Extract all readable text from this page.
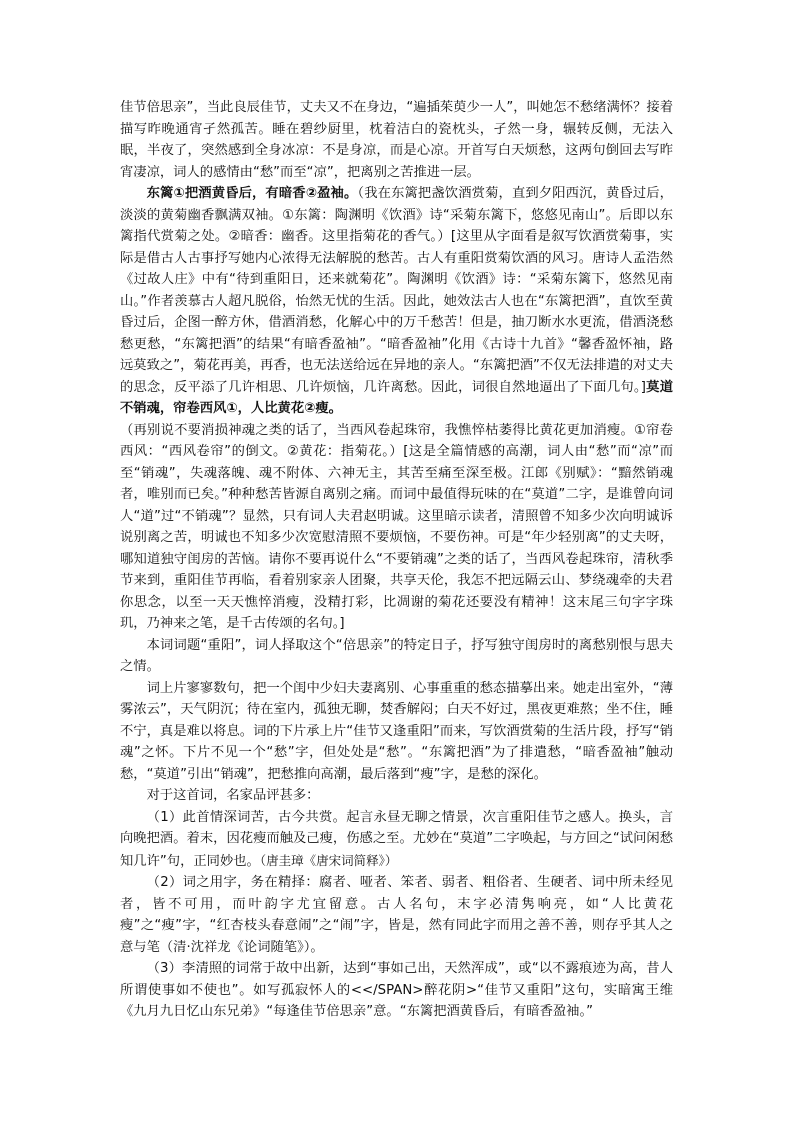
佳节倍思亲”，当此良辰佳节，丈夫又不在身边，“遍插茱萸少一人”，叫她怎不愁绪满怀？接着描写昨晚通宵孑然孤苦。睡在碧纱厨里，枕着洁白的瓷枕头，孑然一身，辗转反侧，无法入眠，半夜了，突然感到全身冰凉：不是身凉，而是心凉。开首写白天烦愁，这两句倒回去写昨宵凄凉，词人的感情由“愁”而至“凉”，把离别之苦推进一层。

东篱①把酒黄昏后，有暗香②盈袖。（我在东篱把盏饮酒赏菊，直到夕阳西沉，黄昏过后，淡淡的黄菊幽香飘满双袖。①东篱：陶渊明《饮酒》诗“采菊东篱下，悠悠见南山”。后即以东篱指代赏菊之处。②暗香：幽香。这里指菊花的香气。）[这里从字面看是叙写饮酒赏菊事，实际是借古人古事抒写她内心浓得无法解脱的愁苦。古人有重阳赏菊饮酒的风习。唐诗人孟浩然《过故人庄》中有“待到重阳日，还来就菊花”。陶渊明《饮酒》诗：“采菊东篱下，悠然见南山。”作者羡慕古人超凡脱俗，怡然无忧的生活。因此，她效法古人也在“东篱把酒”，直饮至黄昏过后，企图一醉方休，借酒消愁，化解心中的万千愁苦！但是，抽刀断水水更流，借酒浇愁愁更愁，“东篱把酒”的结果“有暗香盈袖”。“暗香盈袖”化用《古诗十九首》“馨香盈怀袖，路远莫致之”，菊花再美，再香，也无法送给远在异地的亲人。“东篱把酒”不仅无法排遣的对丈夫的思念，反平添了几许相思、几许烦恼，几许离愁。因此，词很自然地逼出了下面几句。]莫道不销魂，帘卷西风①，人比黄花②瘦。

（再别说不要消损神魂之类的话了，当西风卷起珠帘，我憔悴枯萎得比黄花更加消瘦。①帘卷西风：“西风卷帘”的倒文。②黄花：指菊花。）[这是全篇情感的高潮，词人由“愁”而“凉”而至“销魂”，失魂落魄、魂不附体、六神无主，其苦至痛至深至极。江郎《别赋》：“黯然销魂者，唯别而已矣。”种种愁苦皆源自离别之痛。而词中最值得玩味的在“莫道”二字，是谁曾向词人“道”过“不销魂”？显然，只有词人夫君赵明诚。这里暗示读者，清照曾不知多少次向明诚诉说别离之苦，明诚也不知多少次宽慰清照不要烦恼，不要伤神。可是“年少轻别离”的丈夫呀，哪知道独守闺房的苦恼。请你不要再说什么“不要销魂”之类的话了，当西风卷起珠帘，清秋季节来到，重阳佳节再临，看着别家亲人团聚，共享天伦，我怎不把远隔云山、梦绕魂牵的夫君你思念，以至一天天憔悴消瘦，没精打彩，比凋谢的菊花还要没有精神！这末尾三句字字珠玑，乃神来之笔，是千古传颂的名句。]

本词词题“重阳”，词人择取这个“倍思亲”的特定日子，抒写独守闺房时的离愁别恨与思夫之情。

词上片寥寥数句，把一个闺中少妇夫妻离别、心事重重的愁态描摹出来。她走出室外，“薄雾浓云”，天气阴沉；待在室内，孤独无聊，焚香解闷；白天不好过，黑夜更难熬；坐不住，睡不宁，真是难以将息。词的下片承上片“佳节又逢重阳”而来，写饮酒赏菊的生活片段，抒写“销魂”之怀。下片不见一个“愁”字，但处处是“愁”。“东篱把酒”为了排遣愁，“暗香盈袖”触动愁，“莫道”引出“销魂”，把愁推向高潮，最后落到“瘦”字，是愁的深化。

对于这首词，名家品评甚多：

（1）此首情深词苦，古今共赏。起言永昼无聊之情景，次言重阳佳节之感人。换头，言向晚把酒。着末，因花瘦而触及己瘦，伤感之至。尤妙在“莫道”二字唤起，与方回之“试问闲愁知几许”句，正同妙也。（唐圭璋《唐宋词简释》）

（2）词之用字，务在精择：腐者、哑者、笨者、弱者、粗俗者、生硬者、词中所未经见者，皆不可用，而叶韵字尤宜留意。古人名句，末字必清隽响亮，如“人比黄花瘦”之“瘦”字，“红杏枝头春意闹”之“闹”字，皆是，然有同此字而用之善不善，则存乎其人之意与笔（清·沈祥龙《论词随笔》）。

（3）李清照的词常于故中出新，达到“事如己出，天然浑成”，或“以不露痕迹为高，昔人所谓使事如不使也”。如写孤寂怀人的<</SPAN>醉花阴>“佳节又重阳”这句，实暗寓王维《九月九日忆山东兄弟》“每逢佳节倍思亲”意。“东篱把酒黄昏后，有暗香盈袖。”
